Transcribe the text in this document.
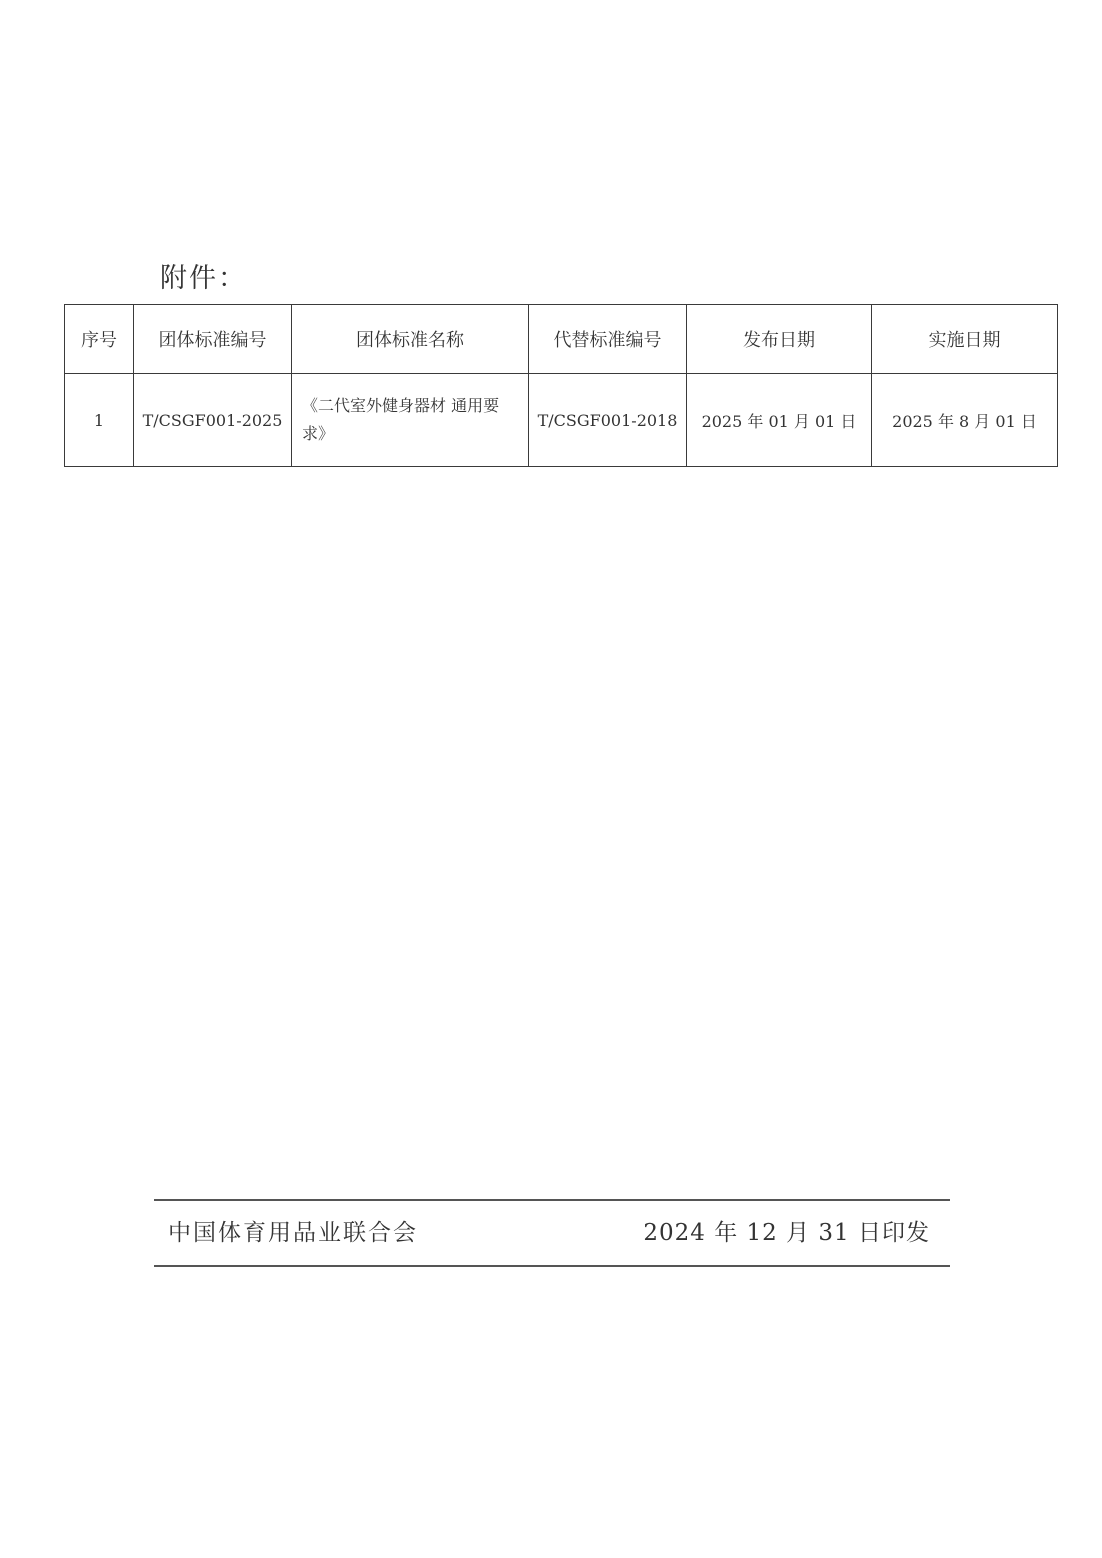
附件：
序号	团体标准编号	团体标准名称	代替标准编号	发布日期	实施日期
1	T/CSGF001-2025	《二代室外健身器材 通用要求》	T/CSGF001-2018	2025 年 01 月 01 日	2025 年 8 月 01 日
中国体育用品业联合会	2024 年 12 月 31 日印发
